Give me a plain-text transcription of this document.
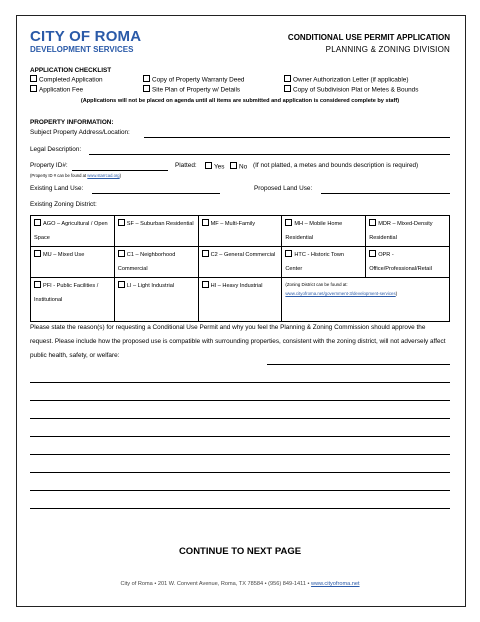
CITY OF ROMA
DEVELOPMENT SERVICES
CONDITIONAL USE PERMIT APPLICATION
PLANNING & ZONING DIVISION
APPLICATION CHECKLIST
Completed Application	Copy of Property Warranty Deed	Owner Authorization Letter (if applicable)
Application Fee	Site Plan of Property w/ Details	Copy of Subdivision Plat or Metes & Bounds
(Applications will not be placed on agenda until all items are submitted and application is considered complete by staff)
PROPERTY INFORMATION:
Subject Property Address/Location:
Legal Description:
Property ID#:	Platted:	Yes	No (If not platted, a metes and bounds description is required)
(Property ID # can be found at www.starrcad.org)
Existing Land Use:	Proposed Land Use:
Existing Zoning District:
AGO – Agricultural / Open Space	SF – Suburban Residential	MF – Multi-Family	MH – Mobile Home Residential	MDR – Mixed-Density Residential
MU – Mixed Use	C1 – Neighborhood Commercial	C2 – General Commercial	HTC - Historic Town Center	OPR - Office/Professional/Retail
PFI - Public Facilities / Institutional	LI – Light Industrial	HI – Heavy Industrial	(Zoning District can be found at:
www.cityofroma.net/government-3/development-services)	
Please state the reason(s) for requesting a Conditional Use Permit and why you feel the Planning & Zoning Commission should approve the request. Please include how the proposed use is compatible with surrounding properties, consistent with the zoning district, will not adversely affect public health, safety, or welfare:
CONTINUE TO NEXT PAGE
City of Roma • 201 W. Convent Avenue, Roma, TX 78584 • (956) 849-1411 • www.cityofroma.net
